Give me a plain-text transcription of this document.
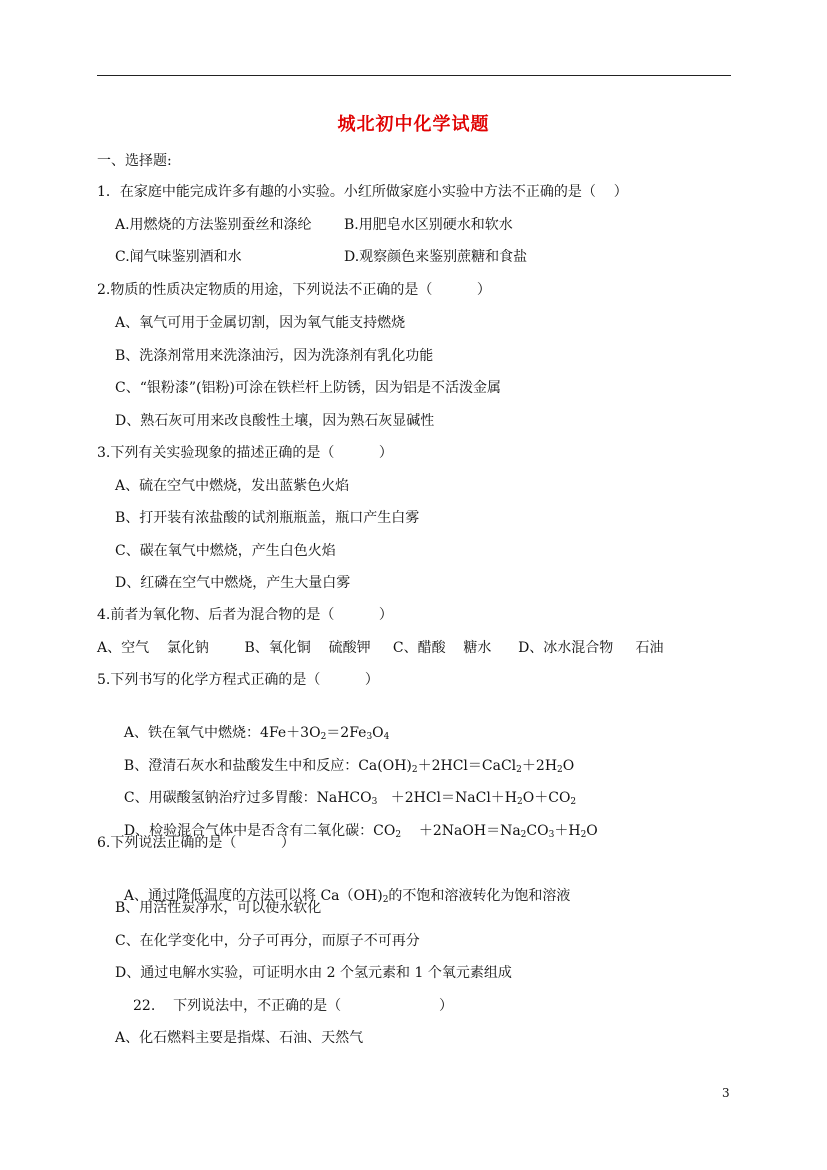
城北初中化学试题
一、选择题:
1．在家庭中能完成许多有趣的小实验。小红所做家庭小实验中方法不正确的是（    ）
A.用燃烧的方法鉴别蚕丝和涤纶 B.用肥皂水区别硬水和软水
C.闻气味鉴别酒和水	D.观察颜色来鉴别蔗糖和食盐
2.物质的性质决定物质的用途，下列说法不正确的是（          ）
A、氧气可用于金属切割，因为氧气能支持燃烧
B、洗涤剂常用来洗涤油污，因为洗涤剂有乳化功能
C、“银粉漆”(铝粉)可涂在铁栏杆上防锈，因为铝是不活泼金属
D、熟石灰可用来改良酸性土壤，因为熟石灰显碱性
3.下列有关实验现象的描述正确的是（          ）
A、硫在空气中燃烧，发出蓝紫色火焰
B、打开装有浓盐酸的试剂瓶瓶盖，瓶口产生白雾
C、碳在氧气中燃烧，产生白色火焰
D、红磷在空气中燃烧，产生大量白雾
4.前者为氧化物、后者为混合物的是（          ）
A、空气    氯化钠        B、氧化铜    硫酸钾     C、醋酸    糖水      D、冰水混合物     石油
5.下列书写的化学方程式正确的是（          ）

A、铁在氧气中燃烧：$4Fe+3O_2=2Fe_3O_4$

B、澄清石灰水和盐酸发生中和反应：$Ca(OH)_2+2HCl=CaCl_2+2H_2O$

C、用碳酸氢钠治疗过多胃酸：NaHCO$_3$   $+2HCl=NaCl+H_2O+CO_2$

D、检验混合气体中是否含有二氧化碳：$CO_2$    $+2NaOH=Na_2CO_3+H_2O$

6.下列说法正确的是（          ）

A、通过降低温度的方法可以将 $Ca(OH)_2$的不饱和溶液转化为饱和溶液

B、用活性炭净水，可以使水软化
C、在化学变化中，分子可再分，而原子不可再分
D、通过电解水实验，可证明水由 2 个氢元素和 1 个氧元素组成
22.    下列说法中，不正确的是（                      ）
A、化石燃料主要是指煤、石油、天然气
3
